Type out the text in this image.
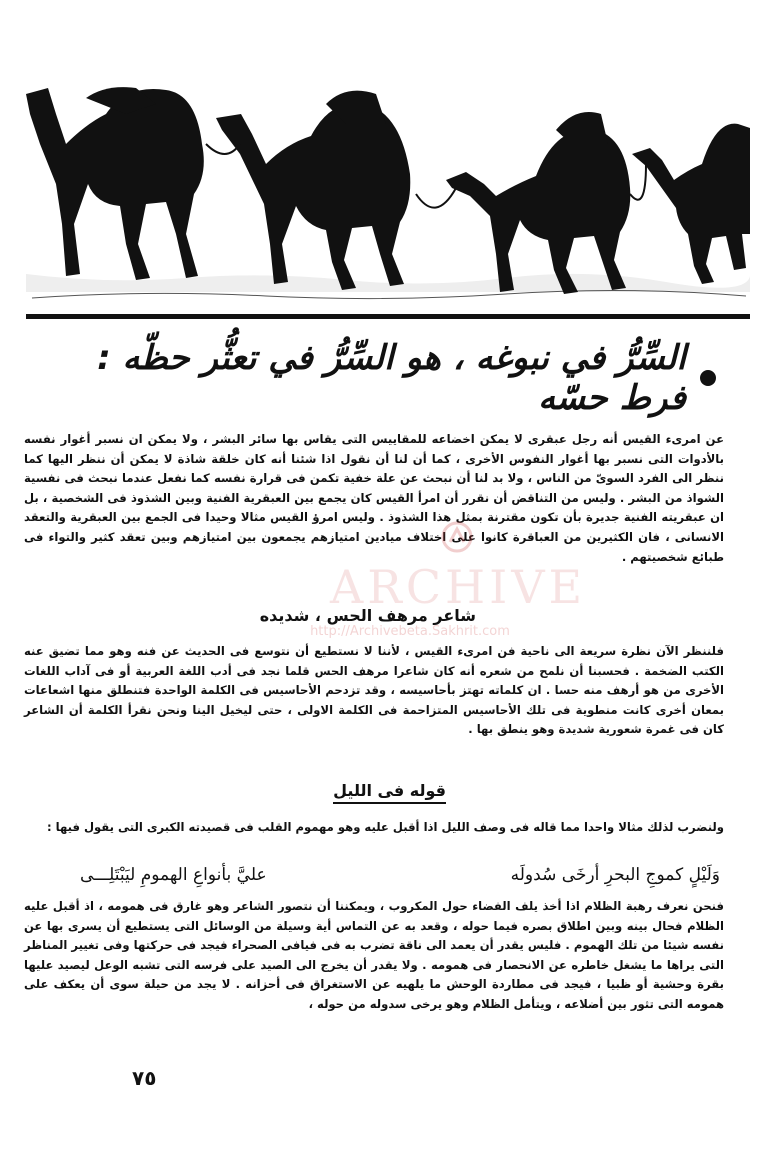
السِّرُّ في نبوغه ، هو السِّرُّ في تعثُّر حظّه : فرط حسّه

عن امرىء القيس أنه رجل عبقرى لا يمكن اخضاعه للمقاييس التى يقاس بها سائر البشر ، ولا يمكن ان نسبر أغوار نفسه بالأدوات التى نسبر بها أغوار النفوس الأخرى ، كما أن لنا أن نقول اذا شئنا أنه كان خلقة شاذة لا يمكن أن ننظر اليها كما ننظر الى الفرد السوىّ من الناس ، ولا بد لنا أن نبحث عن علة خفية تكمن فى قرارة نفسه كما نفعل عندما نبحث فى نفسية الشواذ من البشر . وليس من التناقض أن نقرر أن امرأ القيس كان يجمع بين العبقرية الفنية وبين الشذوذ فى الشخصية ، بل ان عبقريته الفنية جديرة بأن تكون مقترنة بمثل هذا الشذوذ . وليس امرؤ القيس مثالا وحيدا فى الجمع بين العبقرية والتعقد الانسانى ، فان الكثيرين من العباقرة كانوا على اختلاف ميادين امتيازهم يجمعون بين امتيازهم وبين تعقد كثير والتواء فى طبائع شخصيتهم .

شاعر مرهف الحس ، شديده

فلننظر الآن نظرة سريعة الى ناحية فن امرىء القيس ، لأننا لا نستطيع أن نتوسع فى الحديث عن فنه وهو مما تضيق عنه الكتب الضخمة . فحسبنا أن نلمح من شعره أنه كان شاعرا مرهف الحس قلما نجد فى أدب اللغة العربية أو فى آداب اللغات الأخرى من هو أرهف منه حسا . ان كلماته تهتز بأحاسيسه ، وقد تزدحم الأحاسيس فى الكلمة الواحدة فتنطلق منها اشعاعات بمعان أخرى كانت منطوية فى تلك الأحاسيس المتزاحمة فى الكلمة الاولى ، حتى ليخيل الينا ونحن نقرأ الكلمة أن الشاعر كان فى غمرة شعورية شديدة وهو ينطق بها .

قوله فى الليل

ولنضرب لذلك مثالا واحدا مما قاله فى وصف الليل اذا أقبل عليه وهو مهموم القلب فى قصيدته الكبرى التى يقول فيها :

وَلَيْلٍ كموجِ البحرِ أرخَى سُدولَه
عليَّ بأنواعِ الهمومِ ليَبْتَلِـــى

فنحن نعرف رهبة الظلام اذا أخذ يلف الفضاء حول المكروب ، ويمكننا أن نتصور الشاعر وهو غارق فى همومه ، اذ أقبل عليه الظلام فحال بينه وبين اطلاق بصره فيما حوله ، وقعد به عن التماس أية وسيلة من الوسائل التى يستطيع أن يسرى بها عن نفسه شيئا من تلك الهموم . فليس يقدر أن يعمد الى ناقة تضرب به فى فيافى الصحراء فيجد فى حركتها وفى تغيير المناظر التى يراها ما يشغل خاطره عن الانحصار فى همومه . ولا يقدر أن يخرج الى الصيد على فرسه التى تشبه الوعل ليصيد عليها بقرة وحشية أو ظبيا ، فيجد فى مطاردة الوحش ما يلهيه عن الاستغراق فى أحزانه . لا يجد من حيلة سوى أن يعكف على همومه التى تثور بين أضلاعه ، ويتأمل الظلام وهو يرخى سدوله من حوله ،

٧٥
ARCHIVE
http://Archivebeta.Sakhrit.com
